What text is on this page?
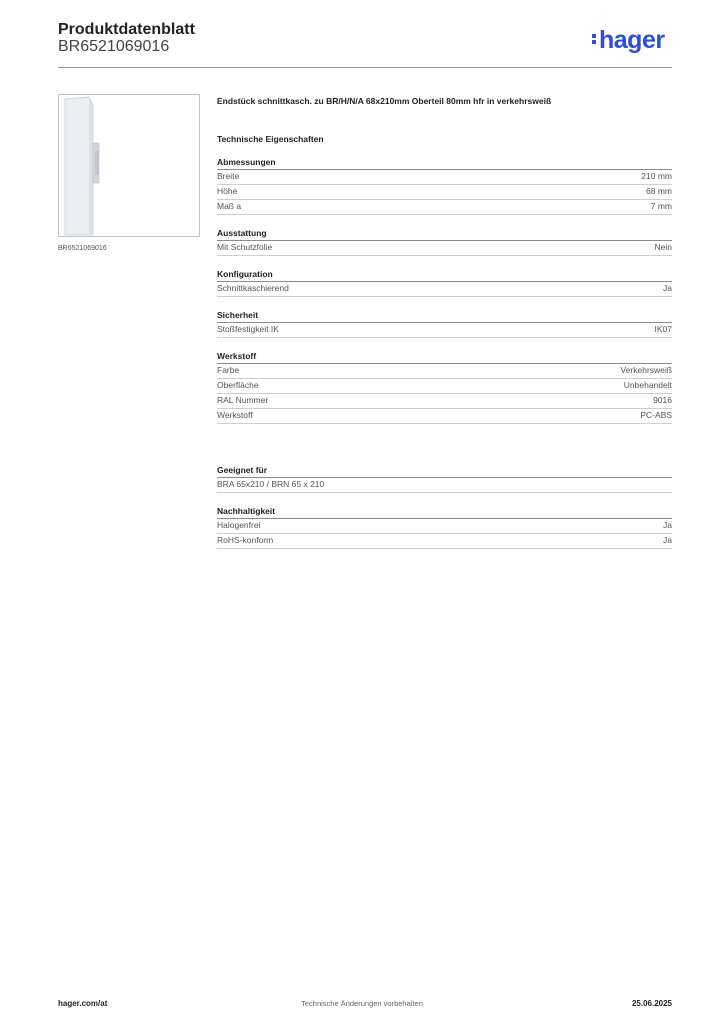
Produktdatenblatt
BR6521069016	hager
BR6521069016
Endstück schnittkasch. zu BR/H/N/A 68x210mm Oberteil 80mm hfr in verkehrsweiß
Technische Eigenschaften
Abmessungen
Breite	210 mm
Höhe	68 mm
Maß a	7 mm
Ausstattung
Mit Schutzfolie	Nein
Konfiguration
Schnittkaschierend	Ja
Sicherheit
Stoßfestigkeit IK	IK07
Werkstoff
Farbe	Verkehrsweiß
Oberfläche	Unbehandelt
RAL Nummer	9016
Werkstoff	PC-ABS
Geeignet für
BRA 65x210 / BRN 65 x 210
Nachhaltigkeit
Halogenfrei	Ja
RoHS-konform	Ja
hager.com/at	Technische Änderungen vorbehalten	25.06.2025
